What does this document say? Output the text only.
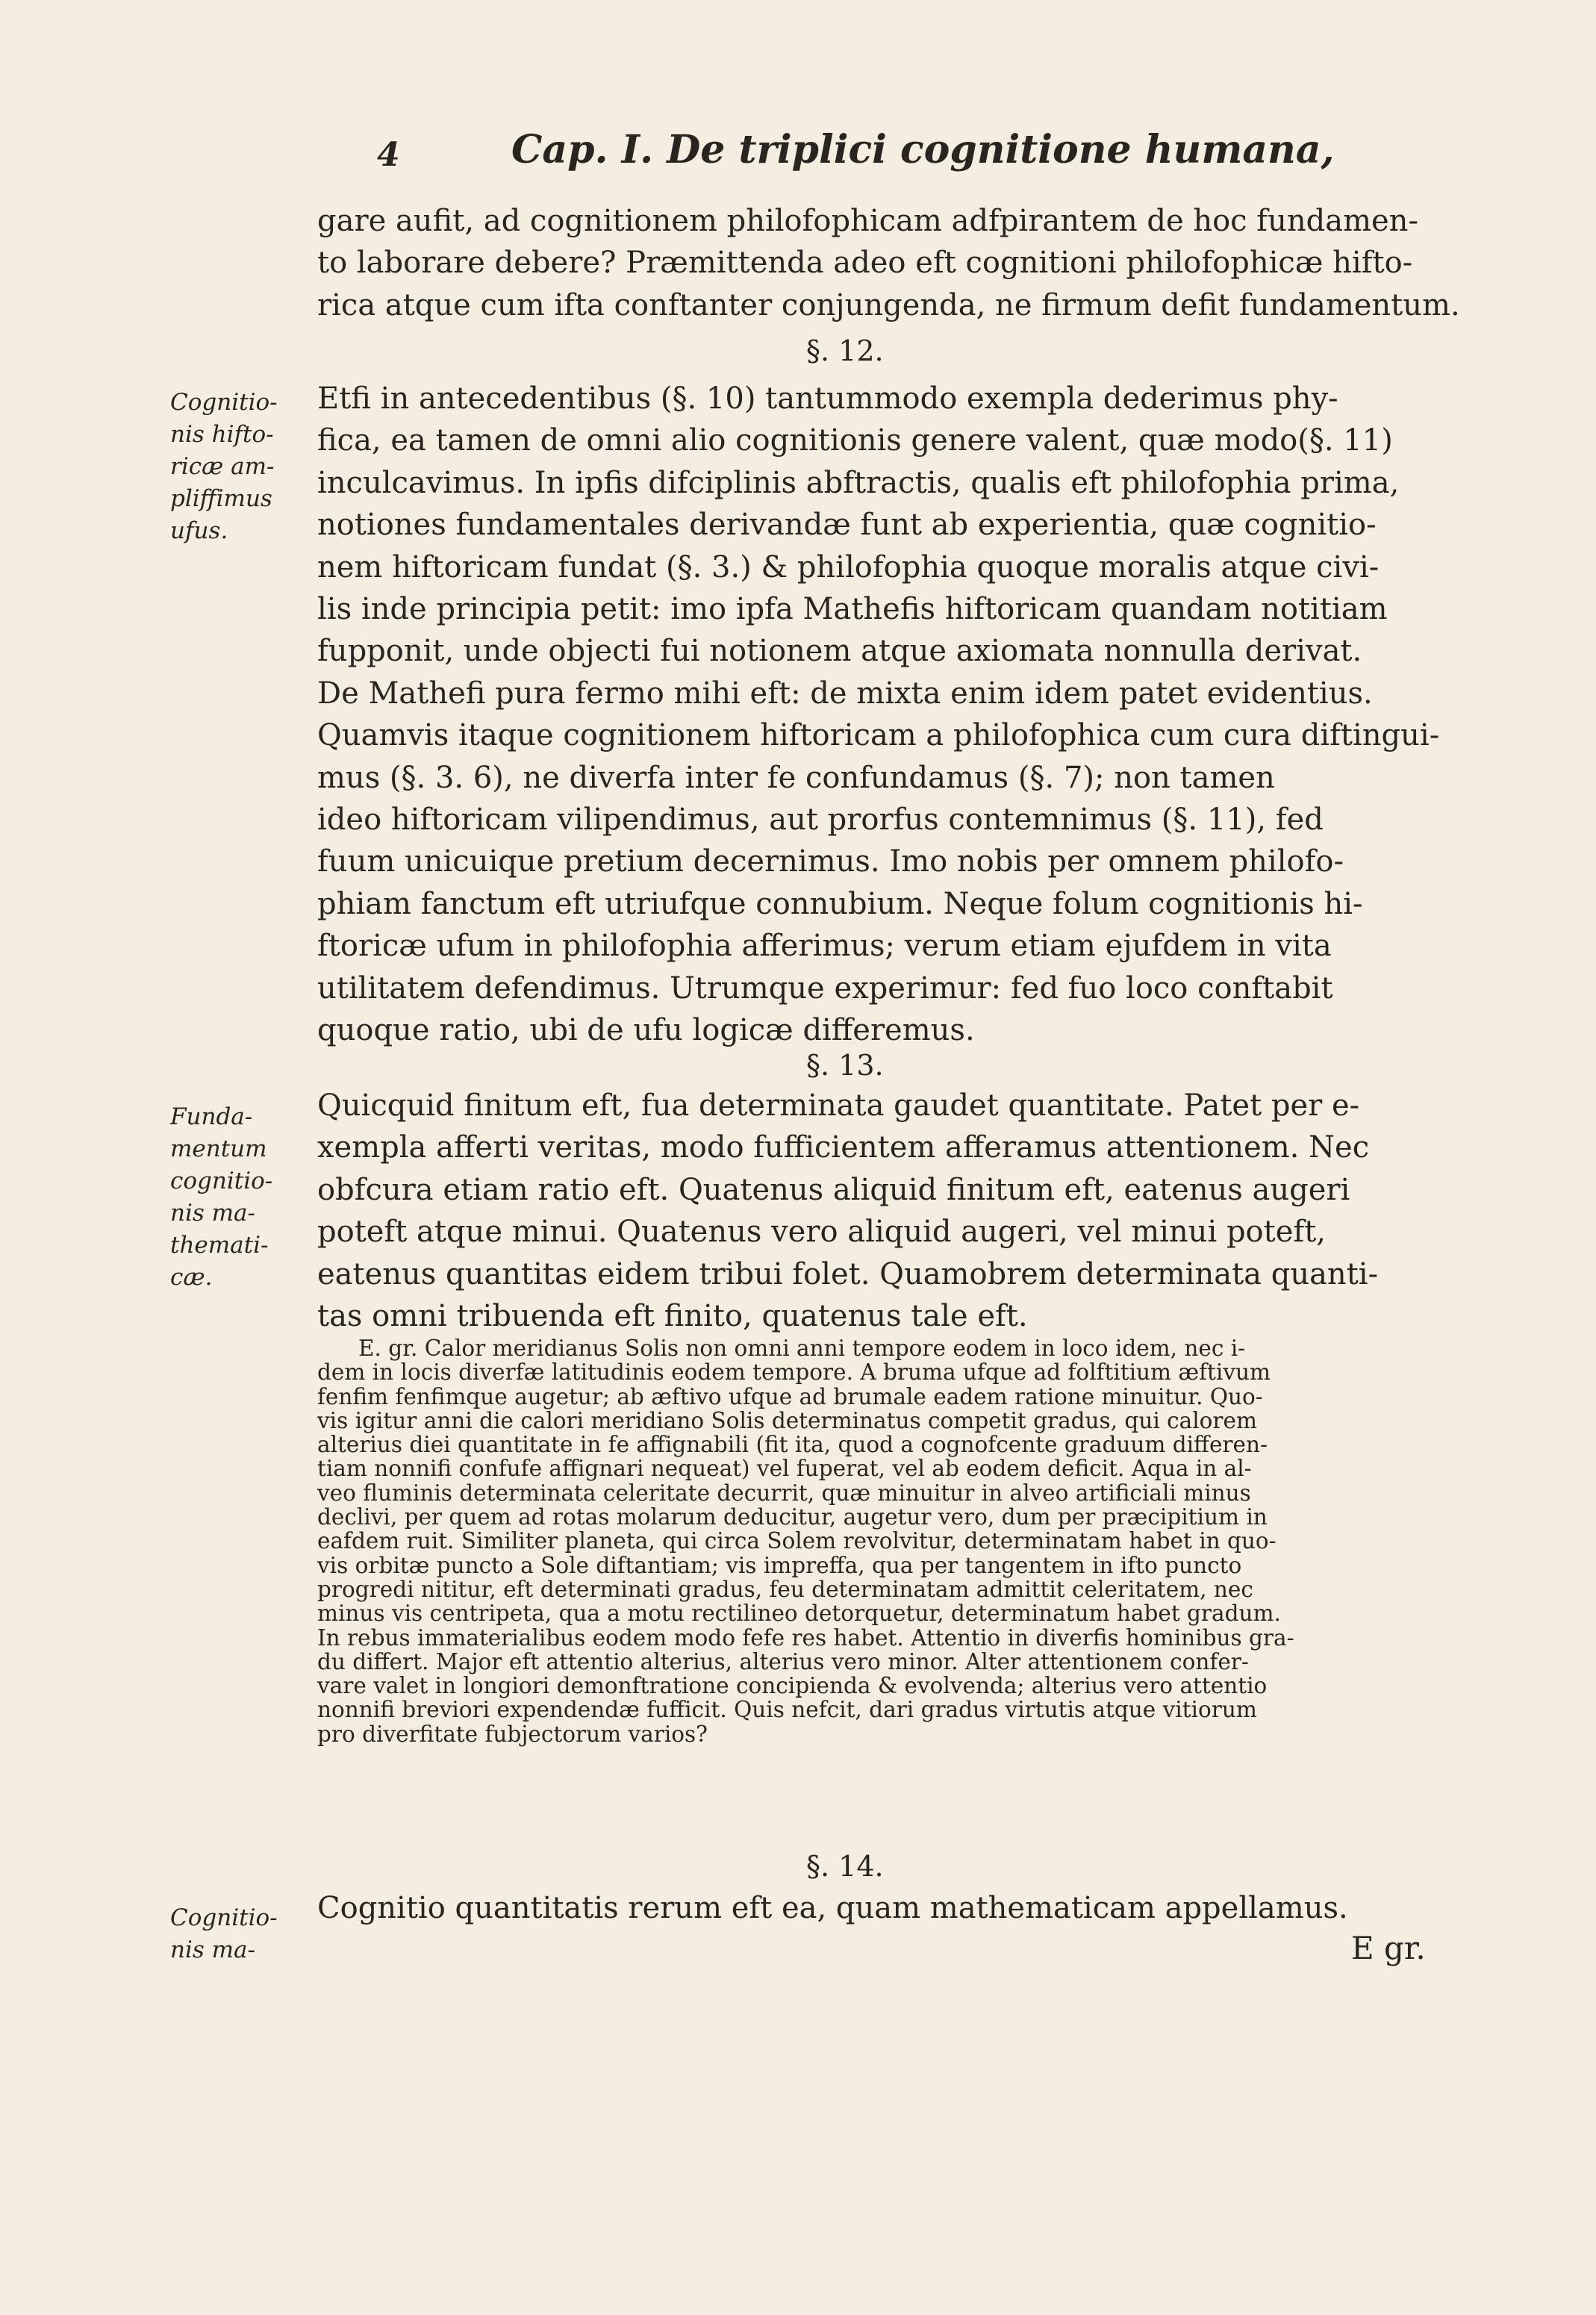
4	Cap. I. De triplici cognitione humana,

gare aufit, ad cognitionem philofophicam adfpirantem de hoc fundamen-

to laborare debere? Præmittenda adeo eft cognitioni philofophicæ hifto-

rica atque cum ifta conftanter conjungenda, ne firmum defit fundamentum.

§. 12.
Cognitio-
nis hifto-
ricæ am-
pliffimus
ufus.

Etfi in antecedentibus (§. 10) tantummodo exempla dederimus phy-

fica, ea tamen de omni alio cognitionis genere valent, quæ modo(§. 11)

inculcavimus. In ipfis difciplinis abftractis, qualis eft philofophia prima,

notiones fundamentales derivandæ funt ab experientia, quæ cognitio-

nem hiftoricam fundat (§. 3.) & philofophia quoque moralis atque civi-

lis inde principia petit: imo ipfa Mathefis hiftoricam quandam notitiam

fupponit, unde objecti fui notionem atque axiomata nonnulla derivat.

De Mathefi pura fermo mihi eft: de mixta enim idem patet evidentius.

Quamvis itaque cognitionem hiftoricam a philofophica cum cura diftingui-

mus (§. 3. 6), ne diverfa inter fe confundamus (§. 7); non tamen

ideo hiftoricam vilipendimus, aut prorfus contemnimus (§. 11), fed

fuum unicuique pretium decernimus. Imo nobis per omnem philofo-

phiam fanctum eft utriufque connubium. Neque folum cognitionis hi-

ftoricæ ufum in philofophia afferimus; verum etiam ejufdem in vita

utilitatem defendimus. Utrumque experimur: fed fuo loco conftabit

quoque ratio, ubi de ufu logicæ differemus.

§. 13.
Funda-
mentum
cognitio-
nis ma-
themati-
cæ.

Quicquid finitum eft, fua determinata gaudet quantitate. Patet per e-

xempla afferti veritas, modo fufficientem afferamus attentionem. Nec

obfcura etiam ratio eft. Quatenus aliquid finitum eft, eatenus augeri

poteft atque minui. Quatenus vero aliquid augeri, vel minui poteft,

eatenus quantitas eidem tribui folet. Quamobrem determinata quanti-

tas omni tribuenda eft finito, quatenus tale eft.

E. gr. Calor meridianus Solis non omni anni tempore eodem in loco idem, nec i-

dem in locis diverfæ latitudinis eodem tempore. A bruma ufque ad folftitium æftivum
fenfim fenfimque augetur; ab æftivo ufque ad brumale eadem ratione minuitur. Quo-
vis igitur anni die calori meridiano Solis determinatus competit gradus, qui calorem
alterius diei quantitate in fe affignabili (fit ita, quod a cognofcente graduum differen-
tiam nonnifi confufe affignari nequeat) vel fuperat, vel ab eodem deficit. Aqua in al-
veo fluminis determinata celeritate decurrit, quæ minuitur in alveo artificiali minus
declivi, per quem ad rotas molarum deducitur, augetur vero, dum per præcipitium in
eafdem ruit. Similiter planeta, qui circa Solem revolvitur, determinatam habet in quo-
vis orbitæ puncto a Sole diftantiam; vis impreffa, qua per tangentem in ifto puncto
progredi nititur, eft determinati gradus, feu determinatam admittit celeritatem, nec
minus vis centripeta, qua a motu rectilineo detorquetur, determinatum habet gradum.
In rebus immaterialibus eodem modo fefe res habet. Attentio in diverfis hominibus gra-
du differt. Major eft attentio alterius, alterius vero minor. Alter attentionem confer-
vare valet in longiori demonftratione concipienda & evolvenda; alterius vero attentio
nonnifi breviori expendendæ fufficit. Quis nefcit, dari gradus virtutis atque vitiorum
pro diverfitate fubjectorum varios?
§. 14.
Cognitio-
nis ma-

Cognitio quantitatis rerum eft ea, quam mathematicam appellamus.

E gr.
